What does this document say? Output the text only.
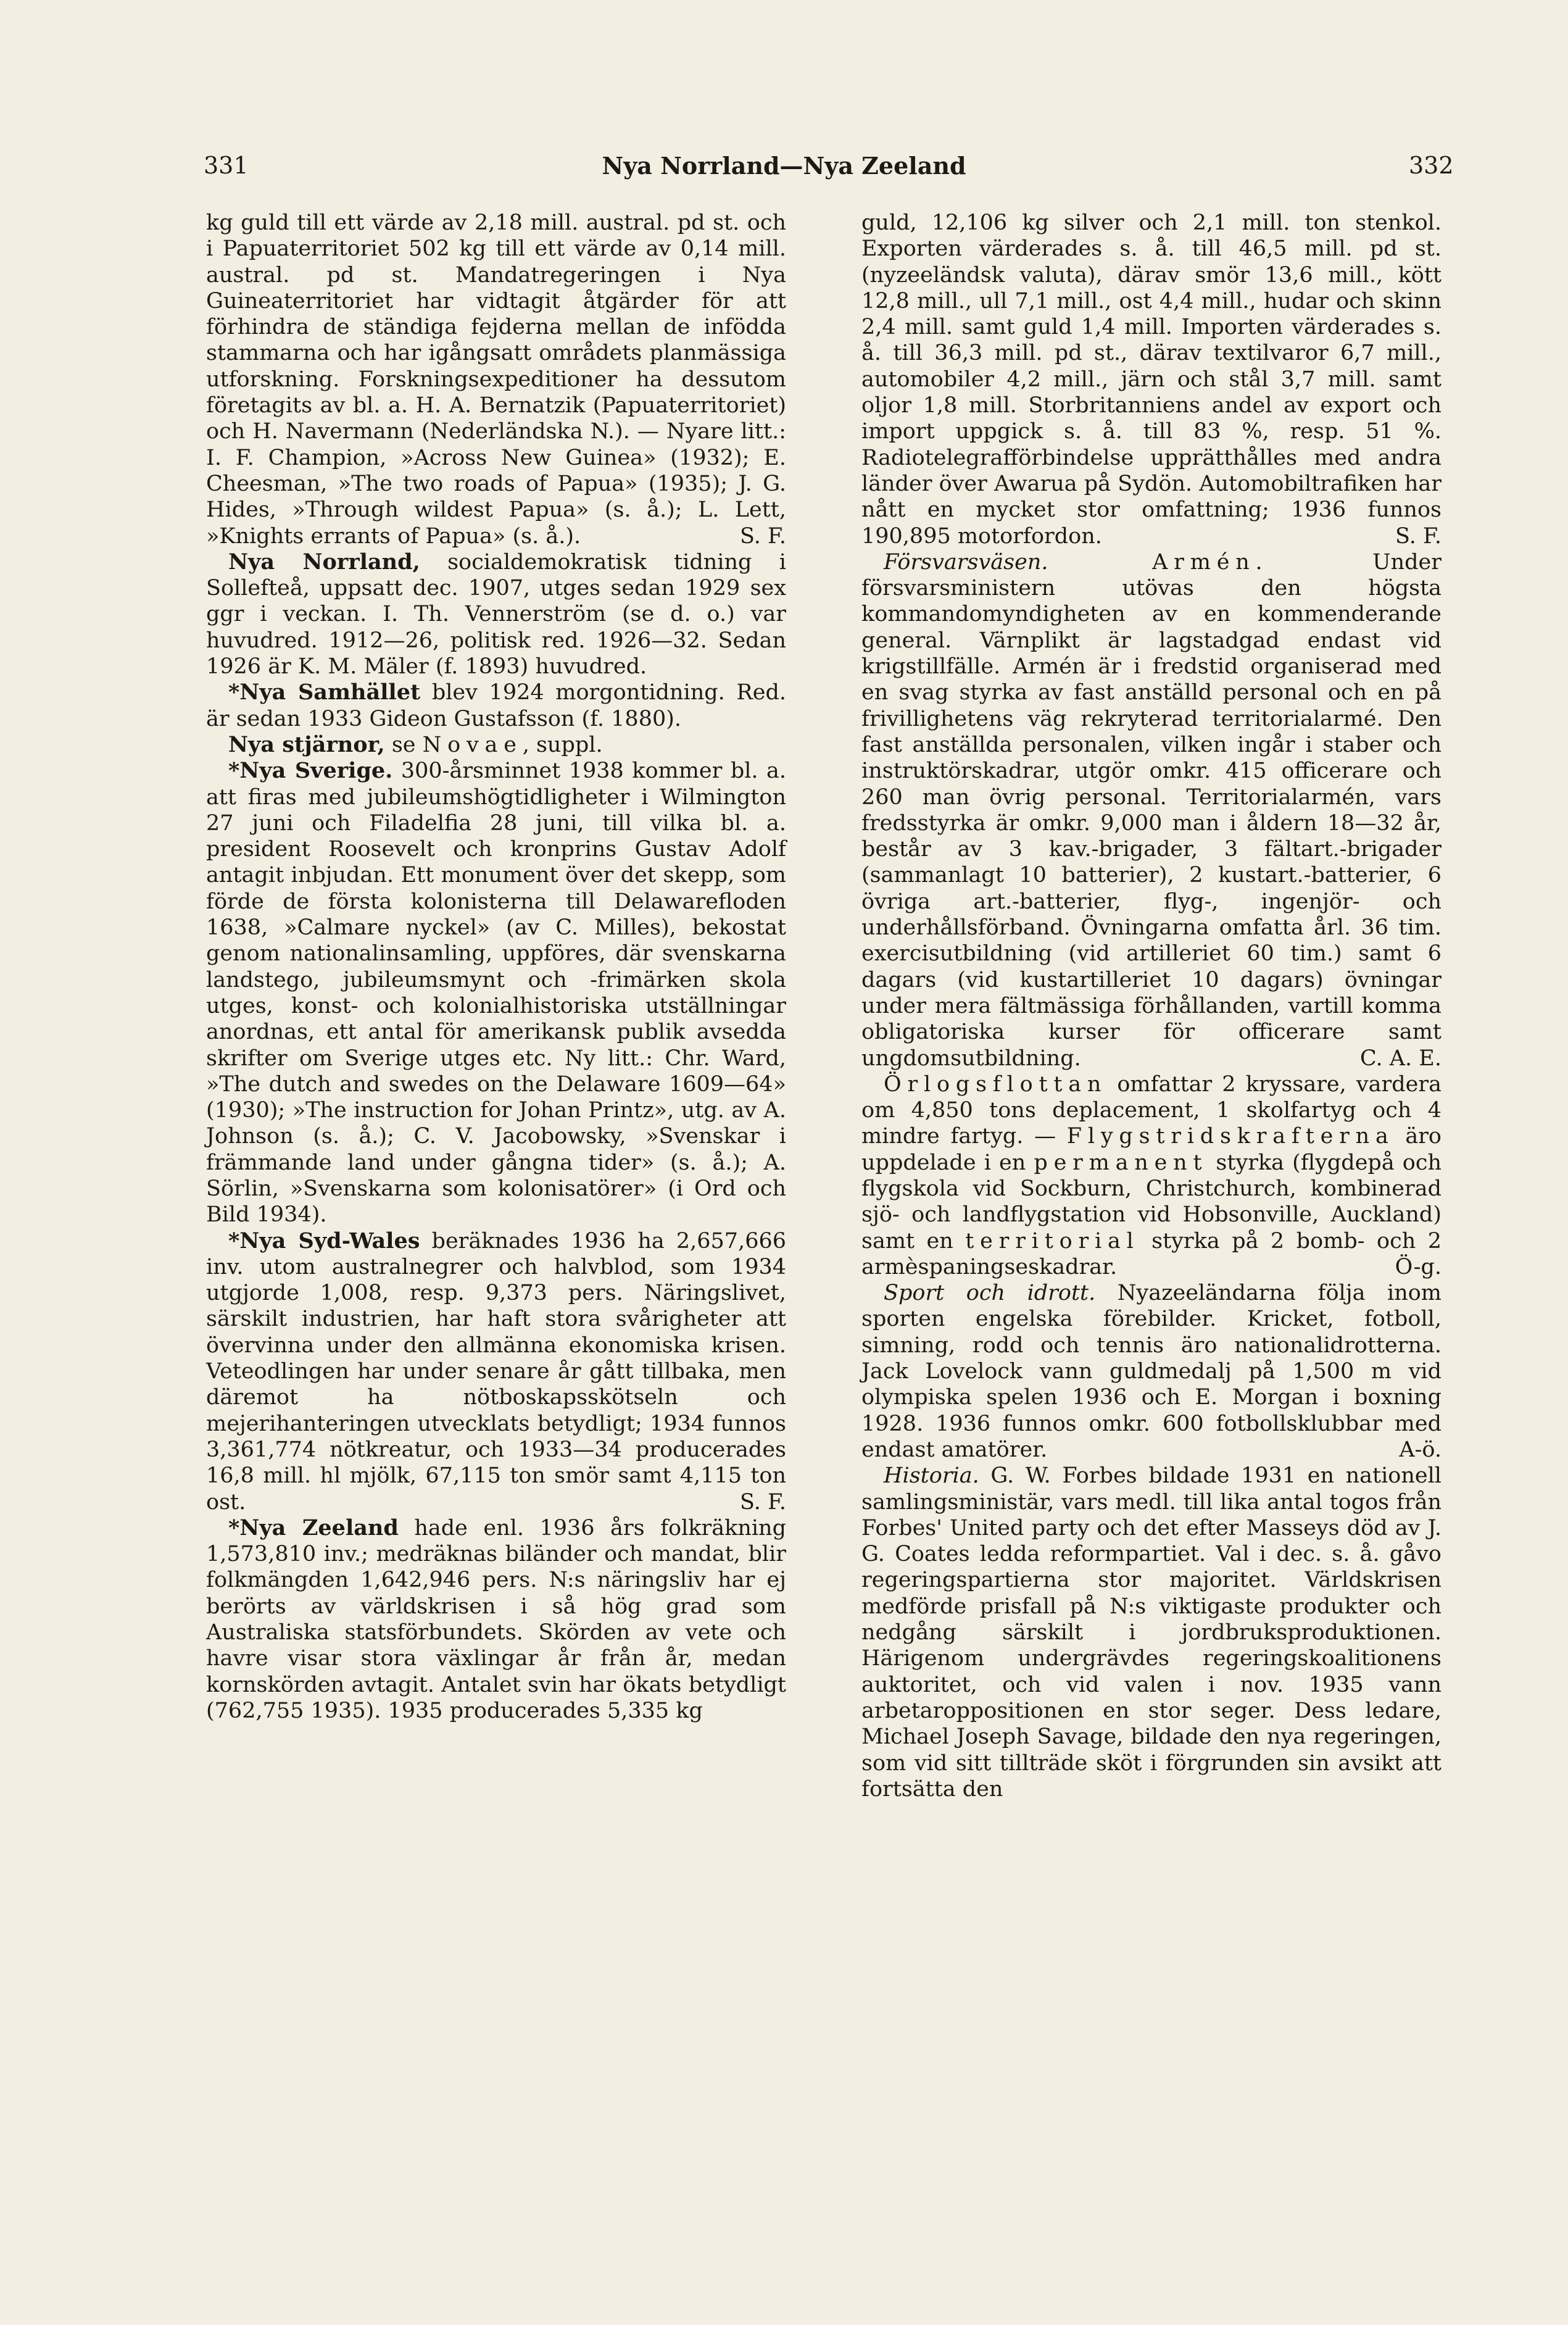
331	Nya Norrland—Nya Zeeland	332

kg guld till ett värde av 2,18 mill. austral. pd st. och i Papuaterritoriet 502 kg till ett värde av 0,14 mill. austral. pd st. Mandatregeringen i Nya Guineaterritoriet har vidtagit åtgärder för att förhindra de ständiga fejderna mellan de infödda stammarna och har igångsatt områdets planmässiga utforskning. Forskningsexpeditioner ha dessutom företagits av bl. a. H. A. Bernatzik (Papuaterritoriet) och H. Navermann (Nederländska N.). — Nyare litt.: I. F. Champion, »Across New Guinea» (1932); E. Cheesman, »The two roads of Papua» (1935); J. G. Hides, »Through wildest Papua» (s. å.); L. Lett, »Knights errants of Papua» (s. å.).	S. F.

Nya Norrland, socialdemokratisk tidning i Sollefteå, uppsatt dec. 1907, utges sedan 1929 sex ggr i veckan. I. Th. Vennerström (se d. o.) var huvudred. 1912—26, politisk red. 1926—32. Sedan 1926 är K. M. Mäler (f. 1893) huvudred.

*Nya Samhället blev 1924 morgontidning. Red. är sedan 1933 Gideon Gustafsson (f. 1880).

Nya stjärnor, se Novae, suppl.

*Nya Sverige. 300-årsminnet 1938 kommer bl. a. att firas med jubileumshögtidligheter i Wilmington 27 juni och Filadelfia 28 juni, till vilka bl. a. president Roosevelt och kronprins Gustav Adolf antagit inbjudan. Ett monument över det skepp, som förde de första kolonisterna till Delawarefloden 1638, »Calmare nyckel» (av C. Milles), bekostat genom nationalinsamling, uppföres, där svenskarna landstego, jubileumsmynt och -frimärken skola utges, konst- och kolonialhistoriska utställningar anordnas, ett antal för amerikansk publik avsedda skrifter om Sverige utges etc. Ny litt.: Chr. Ward, »The dutch and swedes on the Delaware 1609—64» (1930); »The instruction for Johan Printz», utg. av A. Johnson (s. å.); C. V. Jacobowsky, »Svenskar i främmande land under gångna tider» (s. å.); A. Sörlin, »Svenskarna som kolonisatörer» (i Ord och Bild 1934).

*Nya Syd-Wales beräknades 1936 ha 2,657,666 inv. utom australnegrer och halvblod, som 1934 utgjorde 1,008, resp. 9,373 pers. Näringslivet, särskilt industrien, har haft stora svårigheter att övervinna under den allmänna ekonomiska krisen. Veteodlingen har under senare år gått tillbaka, men däremot ha nötboskapsskötseln och mejerihanteringen utvecklats betydligt; 1934 funnos 3,361,774 nötkreatur, och 1933—34 producerades 16,8 mill. hl mjölk, 67,115 ton smör samt 4,115 ton ost.	S. F.

*Nya Zeeland hade enl. 1936 års folkräkning 1,573,810 inv.; medräknas biländer och mandat, blir folkmängden 1,642,946 pers. N:s näringsliv har ej berörts av världskrisen i så hög grad som Australiska statsförbundets. Skörden av vete och havre visar stora växlingar år från år, medan kornskörden avtagit. Antalet svin har ökats betydligt (762,755 1935). 1935 producerades 5,335 kg

guld, 12,106 kg silver och 2,1 mill. ton stenkol. Exporten värderades s. å. till 46,5 mill. pd st. (nyzeeländsk valuta), därav smör 13,6 mill., kött 12,8 mill., ull 7,1 mill., ost 4,4 mill., hudar och skinn 2,4 mill. samt guld 1,4 mill. Importen värderades s. å. till 36,3 mill. pd st., därav textilvaror 6,7 mill., automobiler 4,2 mill., järn och stål 3,7 mill. samt oljor 1,8 mill. Storbritanniens andel av export och import uppgick s. å. till 83 %, resp. 51 %. Radiotelegrafförbindelse upprätthålles med andra länder över Awarua på Sydön. Automobiltrafiken har nått en mycket stor omfattning; 1936 funnos 190,895 motorfordon.	S. F.

Försvarsväsen.	Armén. Under försvarsministern utövas den högsta kommandomyndigheten av en kommenderande general. Värnplikt är lagstadgad endast vid krigstillfälle. Armén är i fredstid organiserad med en svag styrka av fast anställd personal och en på frivillighetens väg rekryterad territorialarmé. Den fast anställda personalen, vilken ingår i staber och instruktörskadrar, utgör omkr. 415 officerare och 260 man övrig personal. Territorialarmén, vars fredsstyrka är omkr. 9,000 man i åldern 18—32 år, består av 3 kav.-brigader, 3 fältart.-brigader (sammanlagt 10 batterier), 2 kustart.-batterier, 6 övriga art.-batterier, flyg-, ingenjör- och underhållsförband. Övningarna omfatta årl. 36 tim. exercisutbildning (vid artilleriet 60 tim.) samt 6 dagars (vid kustartilleriet 10 dagars) övningar under mera fältmässiga förhållanden, vartill komma obligatoriska kurser för officerare samt ungdomsutbildning.	C. A. E.

Örlogsflottan omfattar 2 kryssare, vardera om 4,850 tons deplacement, 1 skolfartyg och 4 mindre fartyg. — Flygstridskrafterna äro uppdelade i en permanent styrka (flygdepå och flygskola vid Sockburn, Christchurch, kombinerad sjö- och landflygstation vid Hobsonville, Auckland) samt en territorial styrka på 2 bomb- och 2 armèspaningseskadrar.	Ö-g.

Sport och idrott. Nyazeeländarna följa inom sporten engelska förebilder. Kricket, fotboll, simning, rodd och tennis äro nationalidrotterna. Jack Lovelock vann guldmedalj på 1,500 m vid olympiska spelen 1936 och E. Morgan i boxning 1928. 1936 funnos omkr. 600 fotbollsklubbar med endast amatörer.	A-ö.

Historia. G. W. Forbes bildade 1931 en nationell samlingsministär, vars medl. till lika antal togos från Forbes' United party och det efter Masseys död av J. G. Coates ledda reformpartiet. Val i dec. s. å. gåvo regeringspartierna stor majoritet. Världskrisen medförde prisfall på N:s viktigaste produkter och nedgång särskilt i jordbruksproduktionen. Härigenom undergrävdes regeringskoalitionens auktoritet, och vid valen i nov. 1935 vann arbetaroppositionen en stor seger. Dess ledare, Michael Joseph Savage, bildade den nya regeringen, som vid sitt tillträde sköt i förgrunden sin avsikt att fortsätta den
